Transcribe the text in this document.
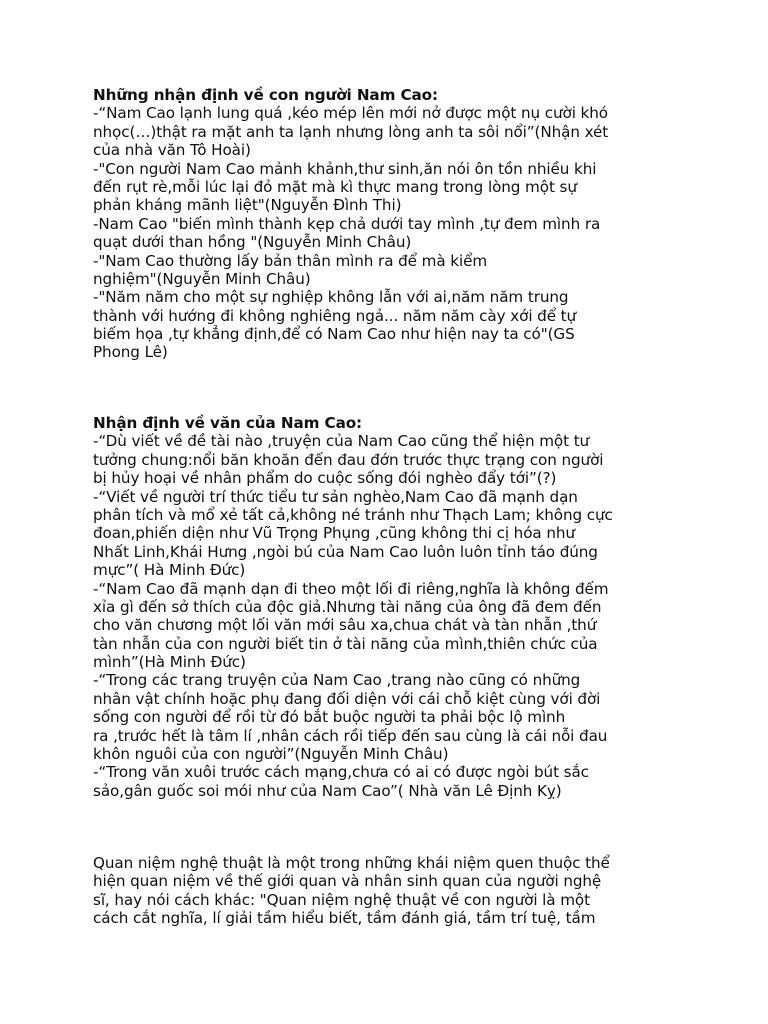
Những nhận định về con người Nam Cao:
-“Nam Cao lạnh lung quá ,kéo mép lên mới nở được một nụ cười khó
nhọc(…)thật ra mặt anh ta lạnh nhưng lòng anh ta sôi nổi”(Nhận xét
của nhà văn Tô Hoài)
-"Con người Nam Cao mảnh khảnh,thư sinh,ăn nói ôn tồn nhiều khi
đến rụt rè,mỗi lúc lại đỏ mặt mà kì thực mang trong lòng một sự
phản kháng mãnh liệt"(Nguyễn Đình Thi)
-Nam Cao "biến mình thành kẹp chả dưới tay mình ,tự đem mình ra
quạt dưới than hồng "(Nguyễn Minh Châu)
-"Nam Cao thường lấy bản thân mình ra để mà kiểm
nghiệm"(Nguyễn Minh Châu)
-"Năm năm cho một sự nghiệp không lẫn với ai,năm năm trung
thành với hướng đi không nghiêng ngả... năm năm cày xới để tự
biếm họa ,tự khẳng định,để có Nam Cao như hiện nay ta có"(GS
Phong Lê)
Nhận định về văn của Nam Cao:
-“Dù viết về đề tài nào ,truyện của Nam Cao cũng thể hiện một tư
tưởng chung:nổi băn khoăn đến đau đớn trước thực trạng con người
bị hủy hoại về nhân phẩm do cuộc sống đói nghèo đẩy tới”(?)
-“Viết về người trí thức tiểu tư sản nghèo,Nam Cao đã mạnh dạn
phân tích và mổ xẻ tất cả,không né tránh như Thạch Lam; không cực
đoan,phiến diện như Vũ Trọng Phụng ,cũng không thi cị hóa như
Nhất Linh,Khái Hưng ,ngòi bú của Nam Cao luôn luôn tỉnh táo đúng
mực”( Hà Minh Đức)
-“Nam Cao đã mạnh dạn đi theo một lối đi riêng,nghĩa là không đếm
xỉa gì đến sở thích của độc giả.Nhưng tài năng của ông đã đem đến
cho văn chương một lối văn mới sâu xa,chua chát và tàn nhẫn ,thứ
tàn nhẫn của con người biết tin ở tài năng của mình,thiên chức của
mình”(Hà Minh Đức)
-“Trong các trang truyện của Nam Cao ,trang nào cũng có những
nhân vật chính hoặc phụ đang đối diện với cái chỗ kiệt cùng với đời
sống con người để rồi từ đó bắt buộc người ta phải bộc lộ mình
ra ,trước hết là tâm lí ,nhân cách rồi tiếp đến sau cùng là cái nỗi đau
khôn nguôi của con người”(Nguyễn Minh Châu)
-“Trong văn xuôi trước cách mạng,chưa có ai có được ngòi bút sắc
sảo,gân guốc soi mói như của Nam Cao”( Nhà văn Lê Định Kỵ)
Quan niệm nghệ thuật là một trong những khái niệm quen thuộc thể
hiện quan niệm về thế giới quan và nhân sinh quan của người nghệ
sĩ, hay nói cách khác: "Quan niệm nghệ thuật về con người là một
cách cắt nghĩa, lí giải tầm hiểu biết, tầm đánh giá, tầm trí tuệ, tầm
